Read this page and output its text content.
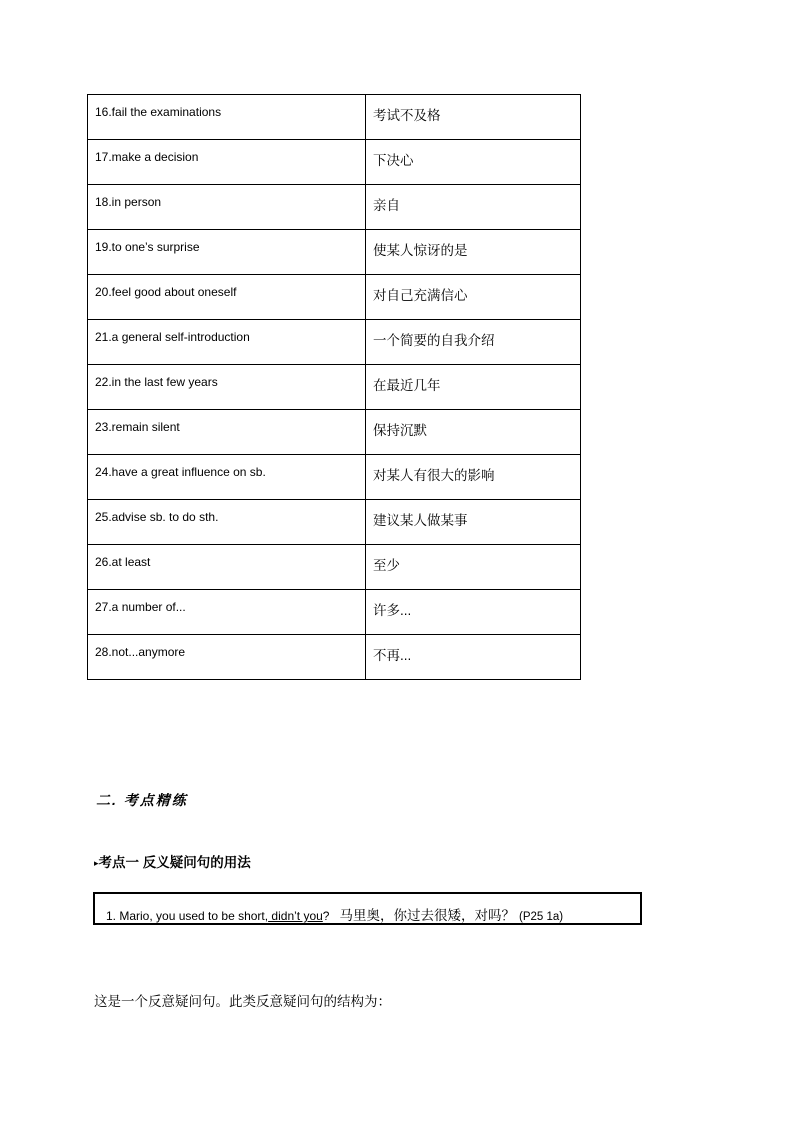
16.fail the examinations	考试不及格
17.make a decision	下决心
18.in person	亲自
19.to one’s surprise	使某人惊讶的是
20.feel good about oneself	对自己充满信心
21.a general self-introduction	一个简要的自我介绍
22.in the last few years	在最近几年
23.remain silent	保持沉默
24.have a great influence on sb.	对某人有很大的影响
25.advise sb. to do sth.	建议某人做某事
26.at least	至少
27.a number of...	许多...
28.not...anymore	不再...
二. 考点精练
▸考点一 反义疑问句的用法
1. Mario, you used to be short, didn’t you? 马里奥，你过去很矮，对吗？ (P25 1a)
这是一个反意疑问句。此类反意疑问句的结构为：
